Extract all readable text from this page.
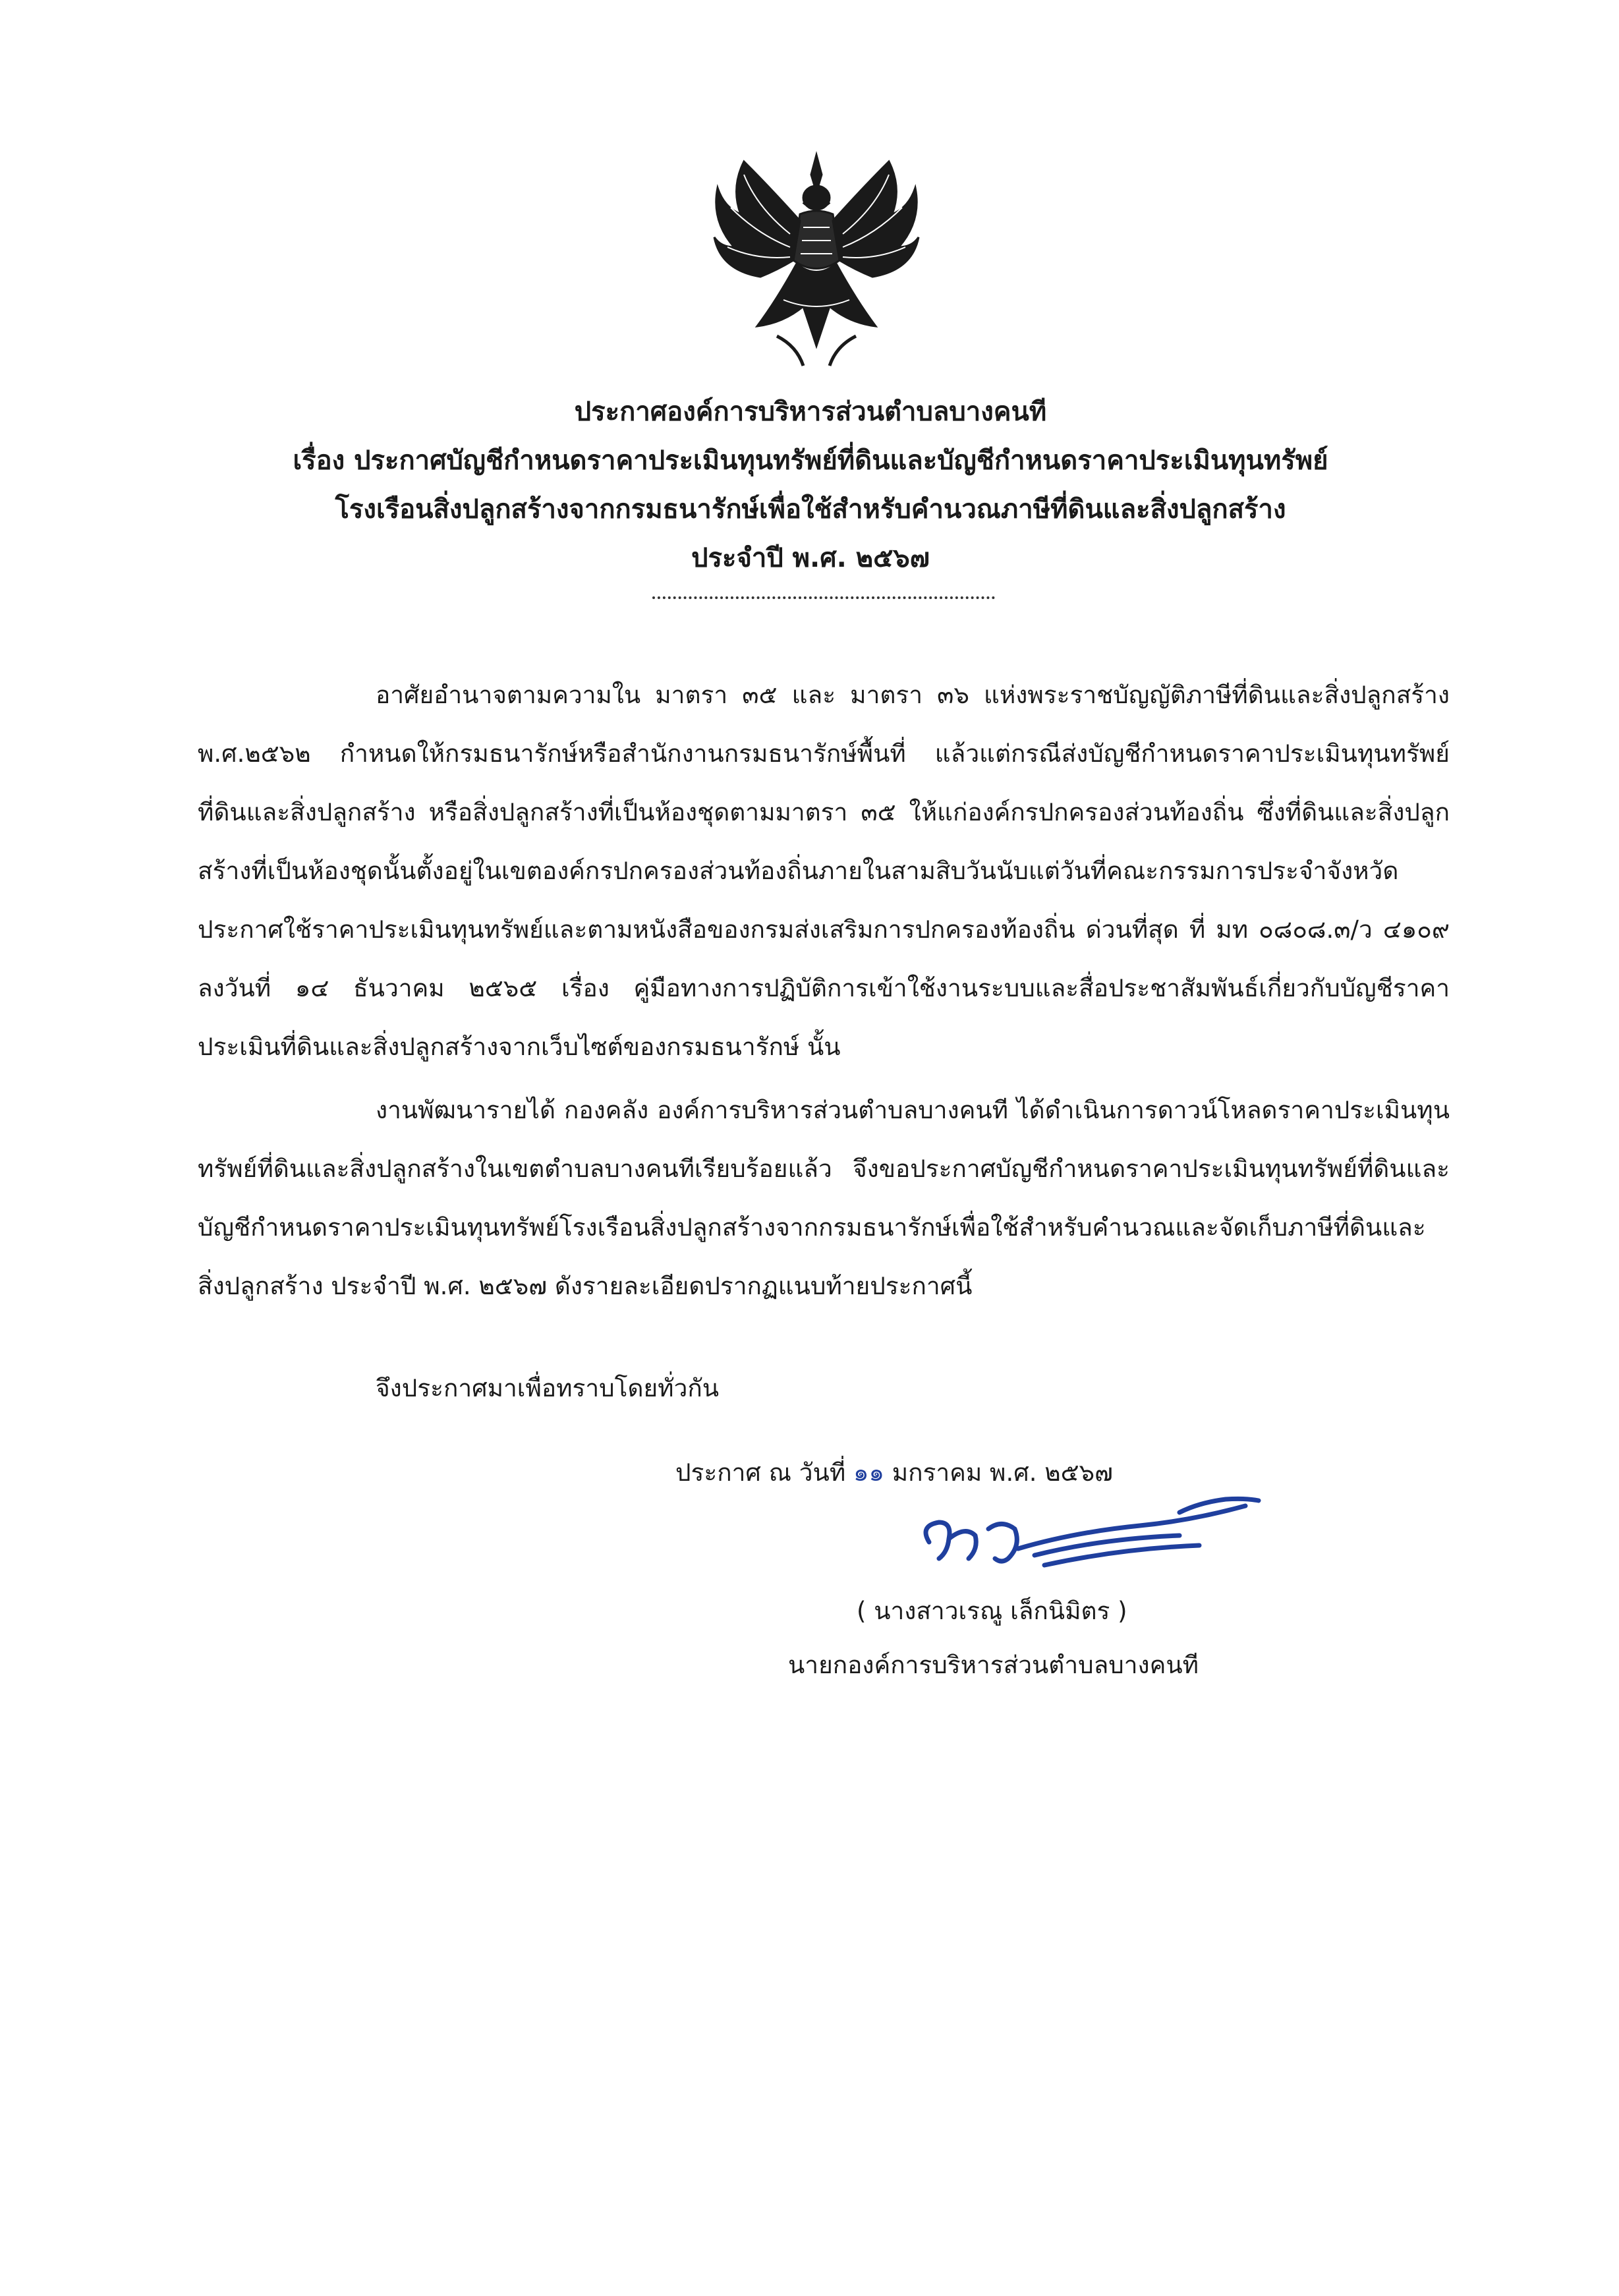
ประกาศองค์การบริหารส่วนตำบลบางคนที
เรื่อง ประกาศบัญชีกำหนดราคาประเมินทุนทรัพย์ที่ดินและบัญชีกำหนดราคาประเมินทุนทรัพย์
โรงเรือนสิ่งปลูกสร้างจากกรมธนารักษ์เพื่อใช้สำหรับคำนวณภาษีที่ดินและสิ่งปลูกสร้าง
ประจำปี พ.ศ. ๒๕๖๗

อาศัยอำนาจตามความใน มาตรา ๓๕ และ มาตรา ๓๖ แห่งพระราชบัญญัติภาษีที่ดินและสิ่งปลูกสร้าง พ.ศ.๒๕๖๒ กำหนดให้กรมธนารักษ์หรือสำนักงานกรมธนารักษ์พื้นที่ แล้วแต่กรณีส่งบัญชีกำหนดราคาประเมินทุนทรัพย์ที่ดินและสิ่งปลูกสร้าง หรือสิ่งปลูกสร้างที่เป็นห้องชุดตามมาตรา ๓๕ ให้แก่องค์กรปกครองส่วนท้องถิ่น ซึ่งที่ดินและสิ่งปลูกสร้างที่เป็นห้องชุดนั้นตั้งอยู่ในเขตองค์กรปกครองส่วนท้องถิ่นภายในสามสิบวันนับแต่วันที่คณะกรรมการประจำจังหวัดประกาศใช้ราคาประเมินทุนทรัพย์และตามหนังสือของกรมส่งเสริมการปกครองท้องถิ่น ด่วนที่สุด ที่ มท ๐๘๐๘.๓/ว ๔๑๐๙ ลงวันที่ ๑๔ ธันวาคม ๒๕๖๕ เรื่อง คู่มือทางการปฏิบัติการเข้าใช้งานระบบและสื่อประชาสัมพันธ์เกี่ยวกับบัญชีราคาประเมินที่ดินและสิ่งปลูกสร้างจากเว็บไซต์ของกรมธนารักษ์ นั้น

งานพัฒนารายได้ กองคลัง องค์การบริหารส่วนตำบลบางคนที ได้ดำเนินการดาวน์โหลดราคาประเมินทุนทรัพย์ที่ดินและสิ่งปลูกสร้างในเขตตำบลบางคนทีเรียบร้อยแล้ว จึงขอประกาศบัญชีกำหนดราคาประเมินทุนทรัพย์ที่ดินและบัญชีกำหนดราคาประเมินทุนทรัพย์โรงเรือนสิ่งปลูกสร้างจากกรมธนารักษ์เพื่อใช้สำหรับคำนวณและจัดเก็บภาษีที่ดินและสิ่งปลูกสร้าง ประจำปี พ.ศ. ๒๕๖๗ ดังรายละเอียดปรากฏแนบท้ายประกาศนี้

จึงประกาศมาเพื่อทราบโดยทั่วกัน

ประกาศ ณ วันที่ ๑๑ มกราคม พ.ศ. ๒๕๖๗
( นางสาวเรณู เล็กนิมิตร )
นายกองค์การบริหารส่วนตำบลบางคนที
